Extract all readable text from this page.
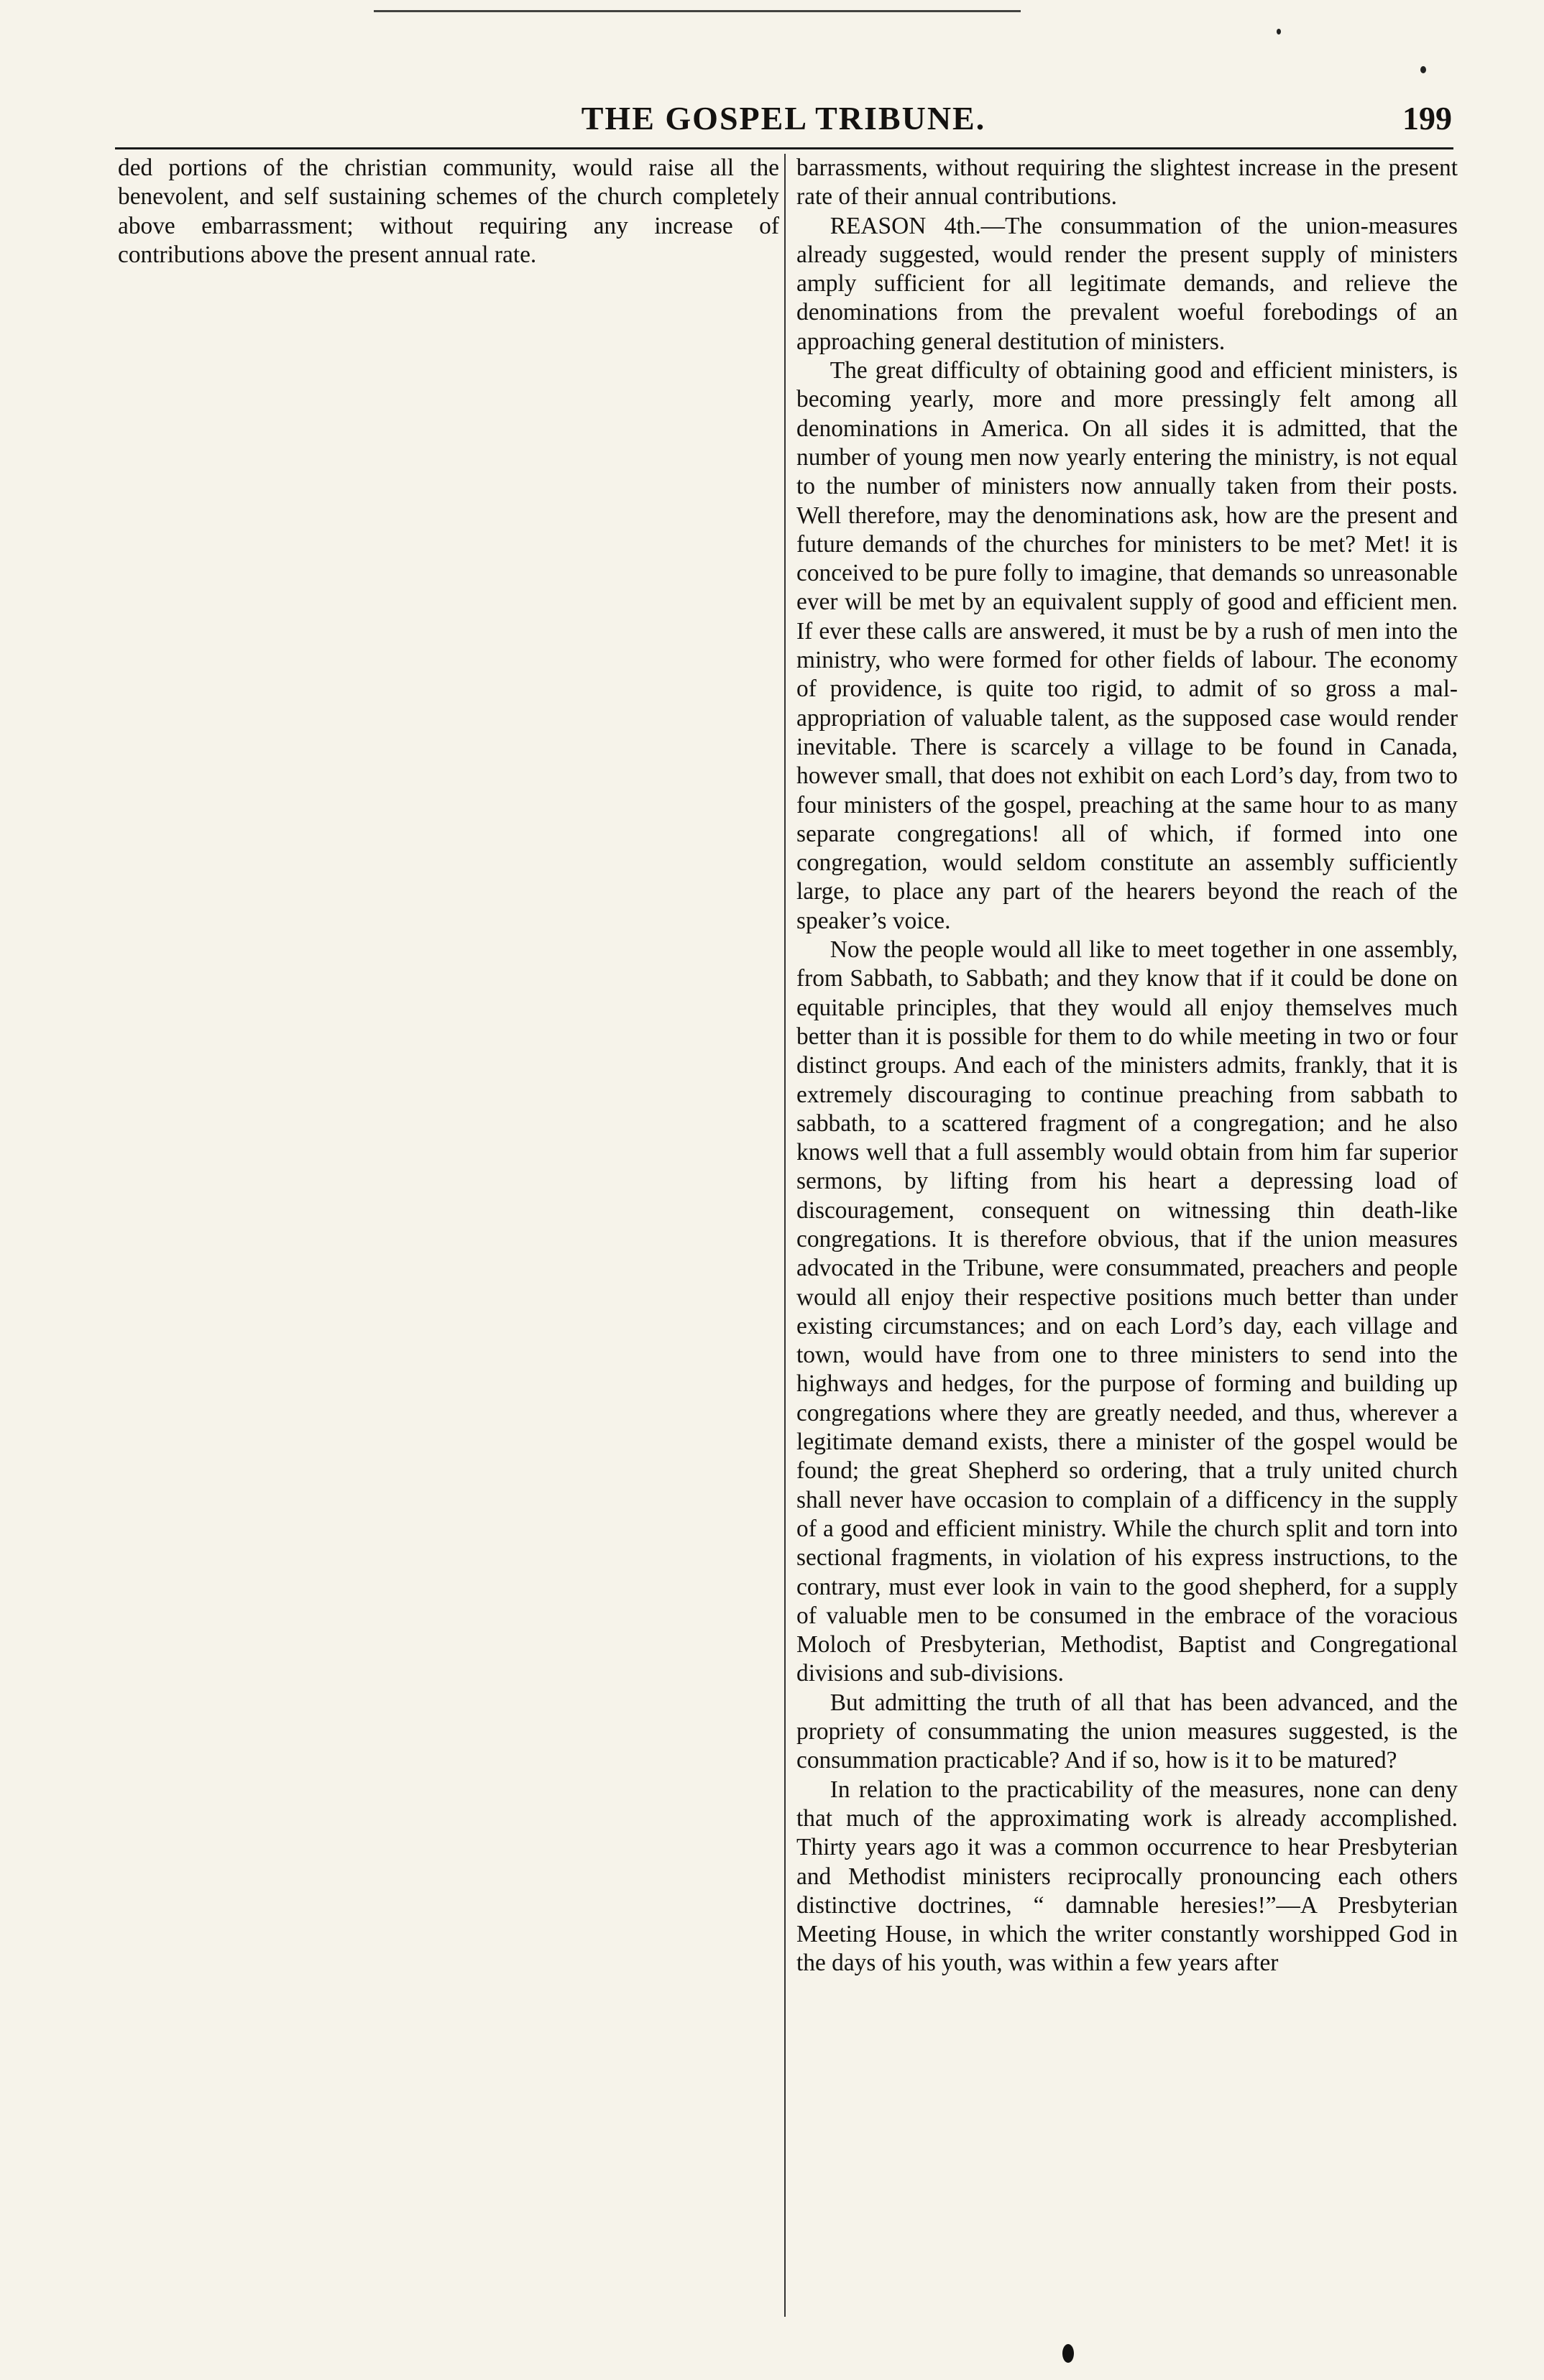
THE GOSPEL TRIBUNE.	199

ded portions of the christian community, would raise all the benevolent, and self sustaining schemes of the church completely above embarrassment; without requiring any increase of contributions above the present annual rate.

barrassments, without requiring the slightest increase in the present rate of their annual contributions.

REASON 4th.—The consummation of the union-measures already suggested, would render the present supply of ministers amply sufficient for all legitimate demands, and relieve the denominations from the prevalent woeful forebodings of an approaching general destitution of ministers.

The great difficulty of obtaining good and efficient ministers, is becoming yearly, more and more pressingly felt among all denominations in America. On all sides it is admitted, that the number of young men now yearly entering the ministry, is not equal to the number of ministers now annually taken from their posts. Well therefore, may the denominations ask, how are the present and future demands of the churches for ministers to be met? Met! it is conceived to be pure folly to imagine, that demands so unreasonable ever will be met by an equivalent supply of good and efficient men. If ever these calls are answered, it must be by a rush of men into the ministry, who were formed for other fields of labour. The economy of providence, is quite too rigid, to admit of so gross a mal-appropriation of valuable talent, as the supposed case would render inevitable. There is scarcely a village to be found in Canada, however small, that does not exhibit on each Lord’s day, from two to four ministers of the gospel, preaching at the same hour to as many separate congregations! all of which, if formed into one congregation, would seldom constitute an assembly sufficiently large, to place any part of the hearers beyond the reach of the speaker’s voice.

Now the people would all like to meet together in one assembly, from Sabbath, to Sabbath; and they know that if it could be done on equitable principles, that they would all enjoy themselves much better than it is possible for them to do while meeting in two or four distinct groups. And each of the ministers admits, frankly, that it is extremely discouraging to continue preaching from sabbath to sabbath, to a scattered fragment of a congregation; and he also knows well that a full assembly would obtain from him far superior sermons, by lifting from his heart a depressing load of discouragement, consequent on witnessing thin death-like congregations. It is therefore obvious, that if the union measures advocated in the Tribune, were consummated, preachers and people would all enjoy their respective positions much better than under existing circumstances; and on each Lord’s day, each village and town, would have from one to three ministers to send into the highways and hedges, for the purpose of forming and building up congregations where they are greatly needed, and thus, wherever a legitimate demand exists, there a minister of the gospel would be found; the great Shepherd so ordering, that a truly united church shall never have occasion to complain of a difficency in the supply of a good and efficient ministry. While the church split and torn into sectional fragments, in violation of his express instructions, to the contrary, must ever look in vain to the good shepherd, for a supply of valuable men to be consumed in the embrace of the voracious Moloch of Presbyterian, Methodist, Baptist and Congregational divisions and sub-divisions.

But admitting the truth of all that has been advanced, and the propriety of consummating the union measures suggested, is the consummation practicable? And if so, how is it to be matured?

In relation to the practicability of the measures, none can deny that much of the approximating work is already accomplished. Thirty years ago it was a common occurrence to hear Presbyterian and Methodist ministers reciprocally pronouncing each others distinctive doctrines, “ damnable heresies!”—A Presbyterian Meeting House, in which the writer constantly worshipped God in the days of his youth, was within a few years after
